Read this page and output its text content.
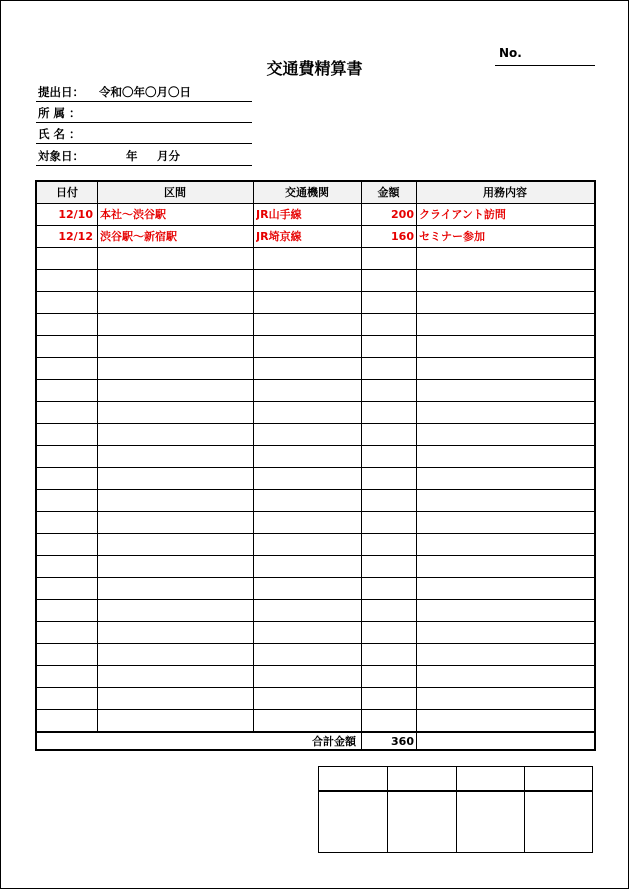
交通費精算書
No.
提出日： 令和〇年〇月〇日
所 属 ：
氏 名 ：
対象日： 　　 年 　 月分
日付	区間	交通機関	金額	用務内容
12/10 本社～渋谷駅	JR山手線	200 クライアント訪問
12/12 渋谷駅～新宿駅	JR埼京線	160 セミナー参加
合計金額	360
